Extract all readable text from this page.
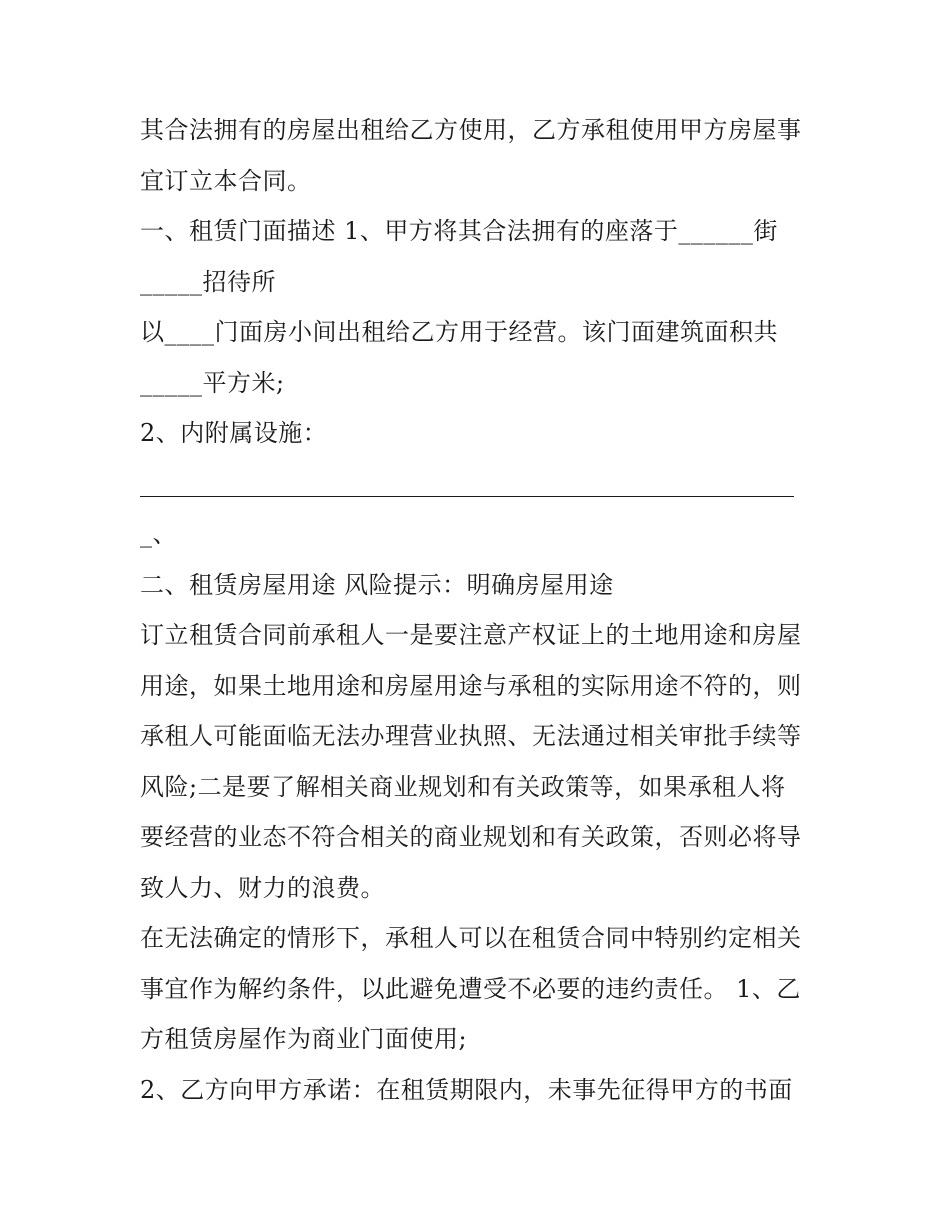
其合法拥有的房屋出租给乙方使用，乙方承租使用甲方房屋事
宜订立本合同。
一、租赁门面描述 1、甲方将其合法拥有的座落于______街
_____招待所
以____门面房小间出租给乙方用于经营。该门面建筑面积共
_____平方米;
2、内附属设施：
_、
二、租赁房屋用途 风险提示：明确房屋用途
订立租赁合同前承租人一是要注意产权证上的土地用途和房屋
用途，如果土地用途和房屋用途与承租的实际用途不符的，则
承租人可能面临无法办理营业执照、无法通过相关审批手续等
风险;二是要了解相关商业规划和有关政策等，如果承租人将
要经营的业态不符合相关的商业规划和有关政策，否则必将导
致人力、财力的浪费。
在无法确定的情形下，承租人可以在租赁合同中特别约定相关
事宜作为解约条件，以此避免遭受不必要的违约责任。 1、乙
方租赁房屋作为商业门面使用;
2、乙方向甲方承诺：在租赁期限内，未事先征得甲方的书面
